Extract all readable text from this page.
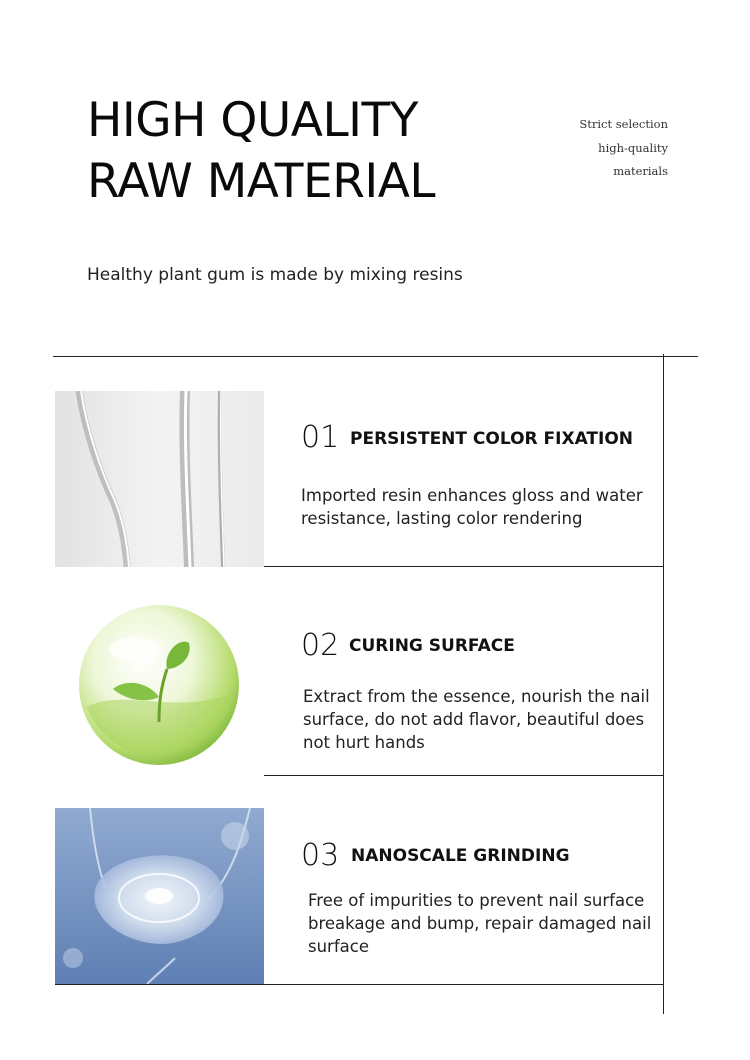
HIGH QUALITY
RAW MATERIAL
Strict selection
high-quality
materials
Healthy plant gum is made by mixing resins
01 PERSISTENT COLOR FIXATION
Imported resin enhances gloss and water resistance, lasting color rendering
02 CURING SURFACE
Extract from the essence, nourish the nail surface, do not add flavor, beautiful does not hurt hands
03 NANOSCALE GRINDING
Free of impurities to prevent nail surface breakage and bump, repair damaged nail surface
